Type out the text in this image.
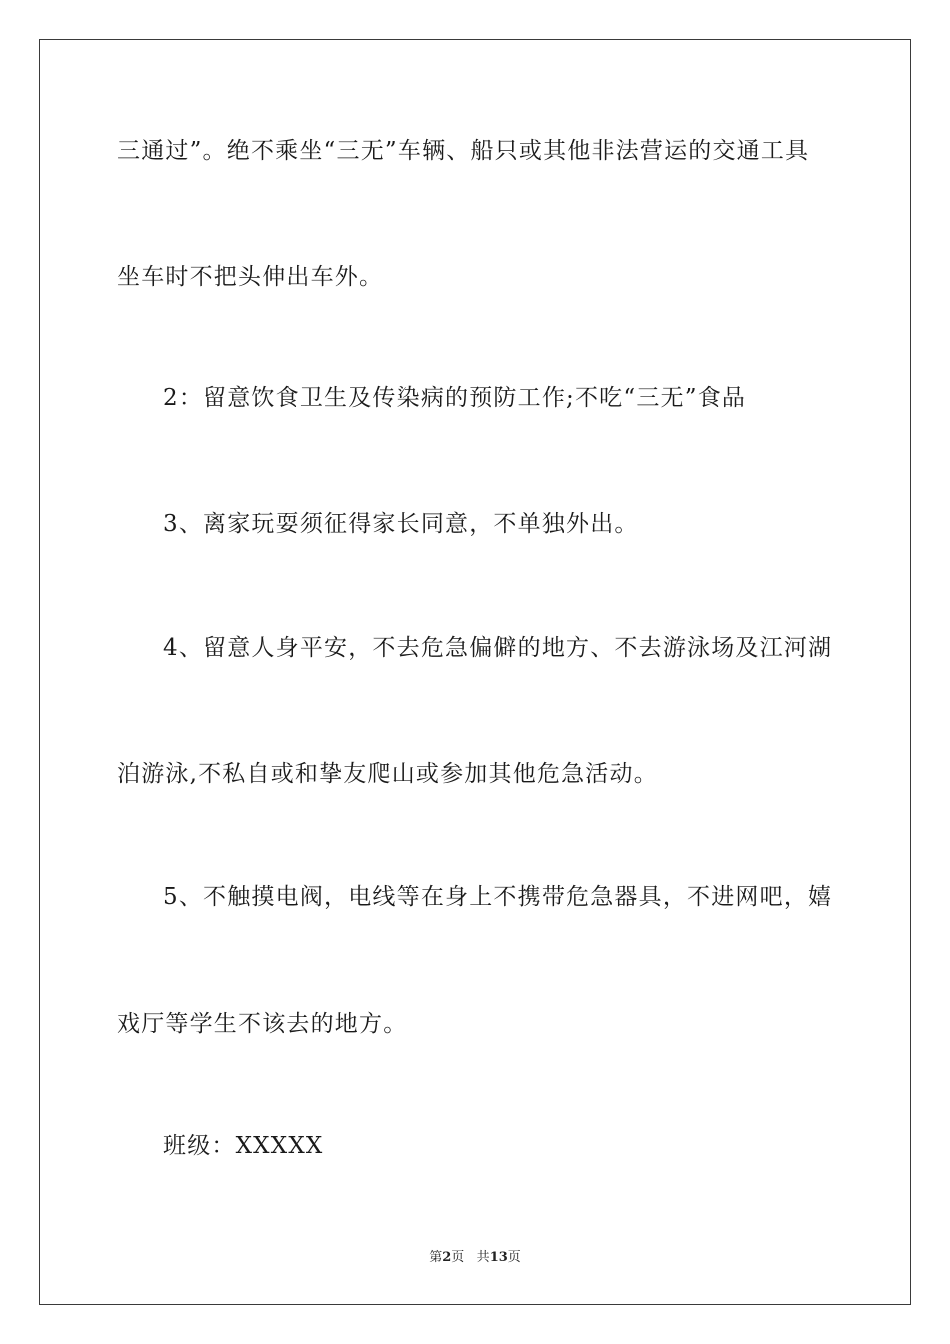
三通过”。绝不乘坐“三无”车辆、船只或其他非法营运的交通工具
坐车时不把头伸出车外。
2：留意饮食卫生及传染病的预防工作;不吃“三无”食品
3、离家玩耍须征得家长同意，不单独外出。
4、留意人身平安，不去危急偏僻的地方、不去游泳场及江河湖
泊游泳,不私自或和挚友爬山或参加其他危急活动。
5、不触摸电阀，电线等在身上不携带危急器具，不进网吧，嬉
戏厅等学生不该去的地方。
班级：XXXXX
第2页 共13页
